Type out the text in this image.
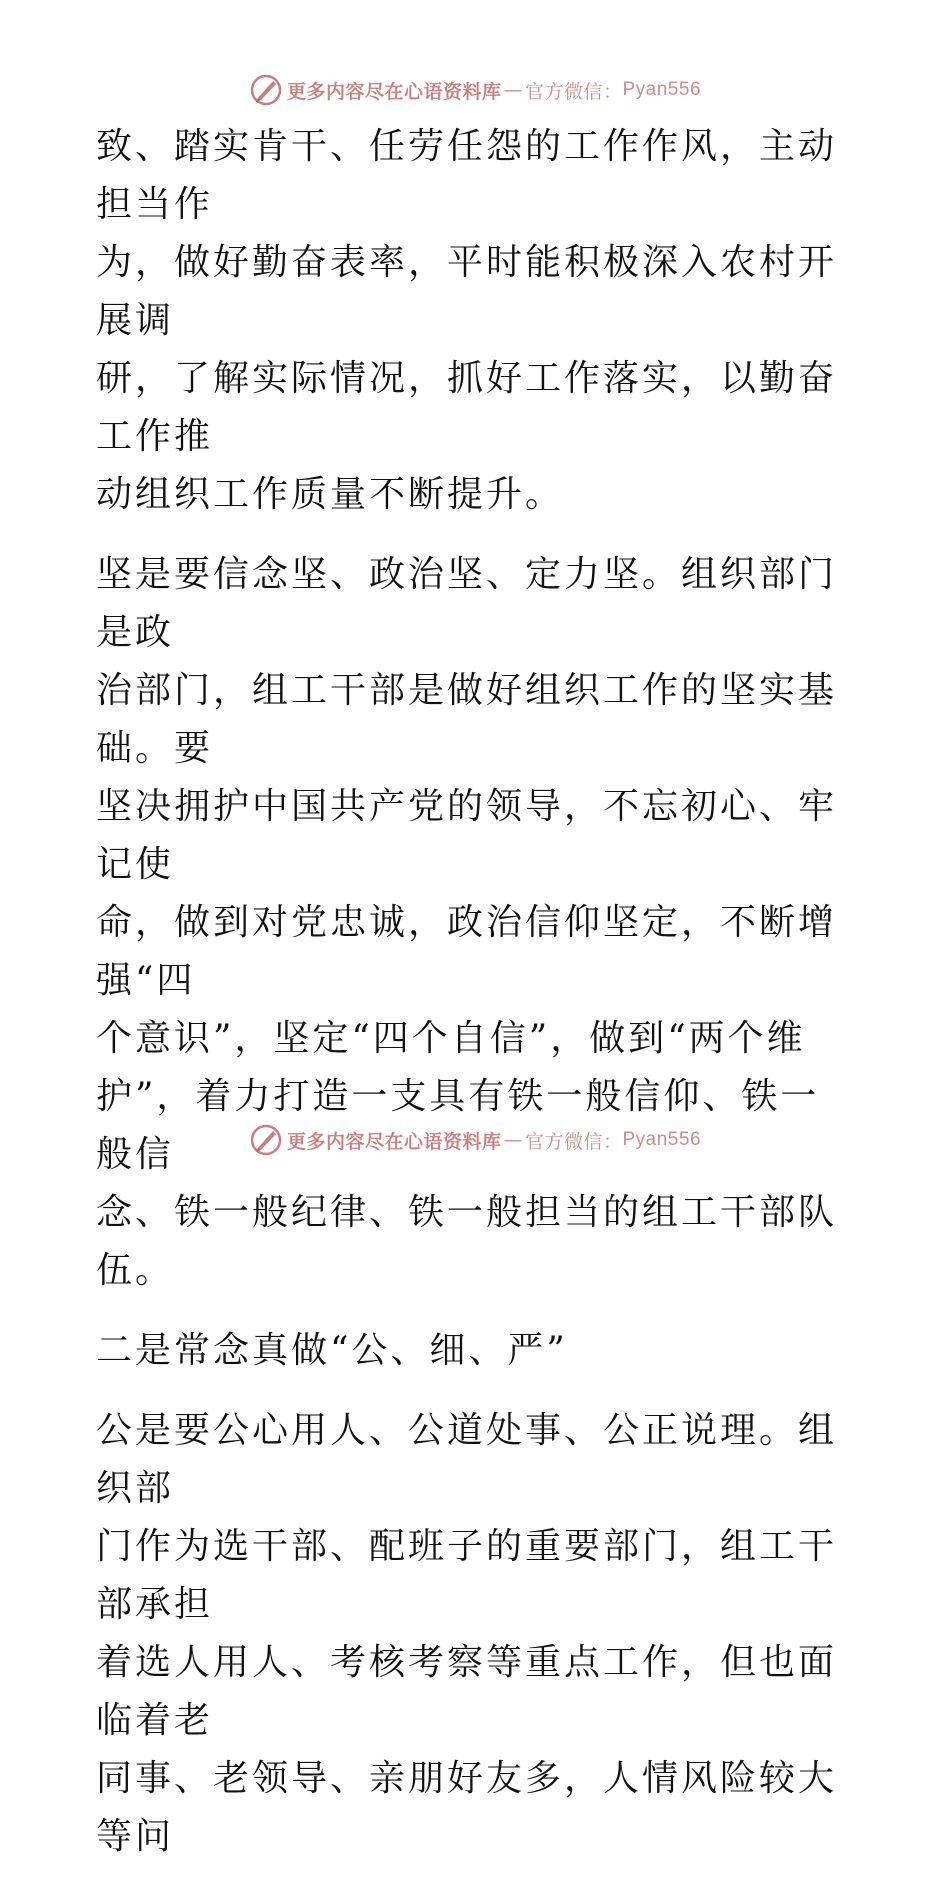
更多内容尽在心语资料库 — 官方微信： Pyan556

致、踏实肯干、任劳任怨的工作作风，主动担当作
为，做好勤奋表率，平时能积极深入农村开展调
研，了解实际情况，抓好工作落实，以勤奋工作推
动组织工作质量不断提升。

坚是要信念坚、政治坚、定力坚。组织部门是政
治部门，组工干部是做好组织工作的坚实基础。要
坚决拥护中国共产党的领导，不忘初心、牢记使
命，做到对党忠诚，政治信仰坚定，不断增强“四
个意识”，坚定“四个自信”，做到“两个维
护”，着力打造一支具有铁一般信仰、铁一般信
念、铁一般纪律、铁一般担当的组工干部队伍。

二是常念真做“公、细、严”

公是要公心用人、公道处事、公正说理。组织部
门作为选干部、配班子的重要部门，组工干部承担
着选人用人、考核考察等重点工作，但也面临着老
同事、老领导、亲朋好友多，人情风险较大等问

更多内容尽在心语资料库 — 官方微信： Pyan556
